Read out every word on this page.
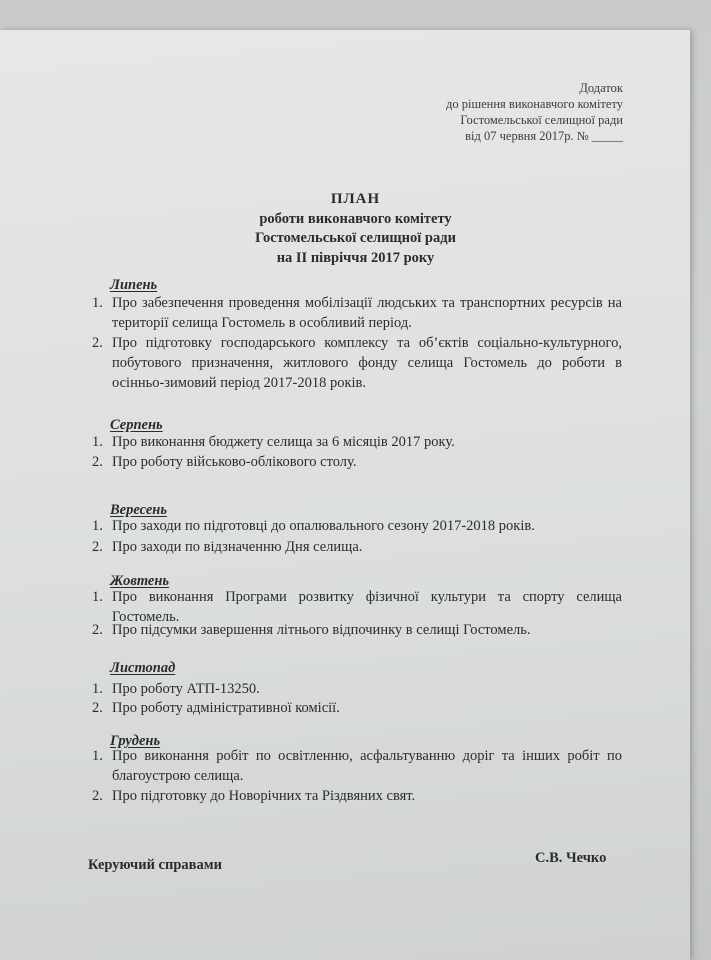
Додаток
до рішення виконавчого комітету
Гостомельської селищної ради
від 07 червня 2017р. № _____
ПЛАН
роботи виконавчого комітету
Гостомельської селищної ради
на ІІ півріччя 2017 року
Липень
1. Про забезпечення проведення мобілізації людських та транспортних ресурсів на території селища Гостомель в особливий період.
2. Про підготовку господарського комплексу та об’єктів соціально-культурного, побутового призначення, житлового фонду селища Гостомель до роботи в осінньо-зимовий період 2017-2018 років.
Серпень
1. Про виконання бюджету селища за 6 місяців 2017 року.
2. Про роботу військово-облікового столу.
Вересень
1. Про заходи по підготовці до опалювального сезону 2017-2018 років.
2. Про заходи по відзначенню Дня селища.
Жовтень
1. Про виконання Програми розвитку фізичної культури та спорту селища Гостомель.
2. Про підсумки завершення літнього відпочинку в селищі Гостомель.
Листопад
1. Про роботу АТП-13250.
2. Про роботу адміністративної комісії.
Грудень
1. Про виконання робіт по освітленню, асфальтуванню доріг та інших робіт по благоустрою селища.
2. Про підготовку до Новорічних та Різдвяних свят.
Керуючий справами	С.В. Чечко
